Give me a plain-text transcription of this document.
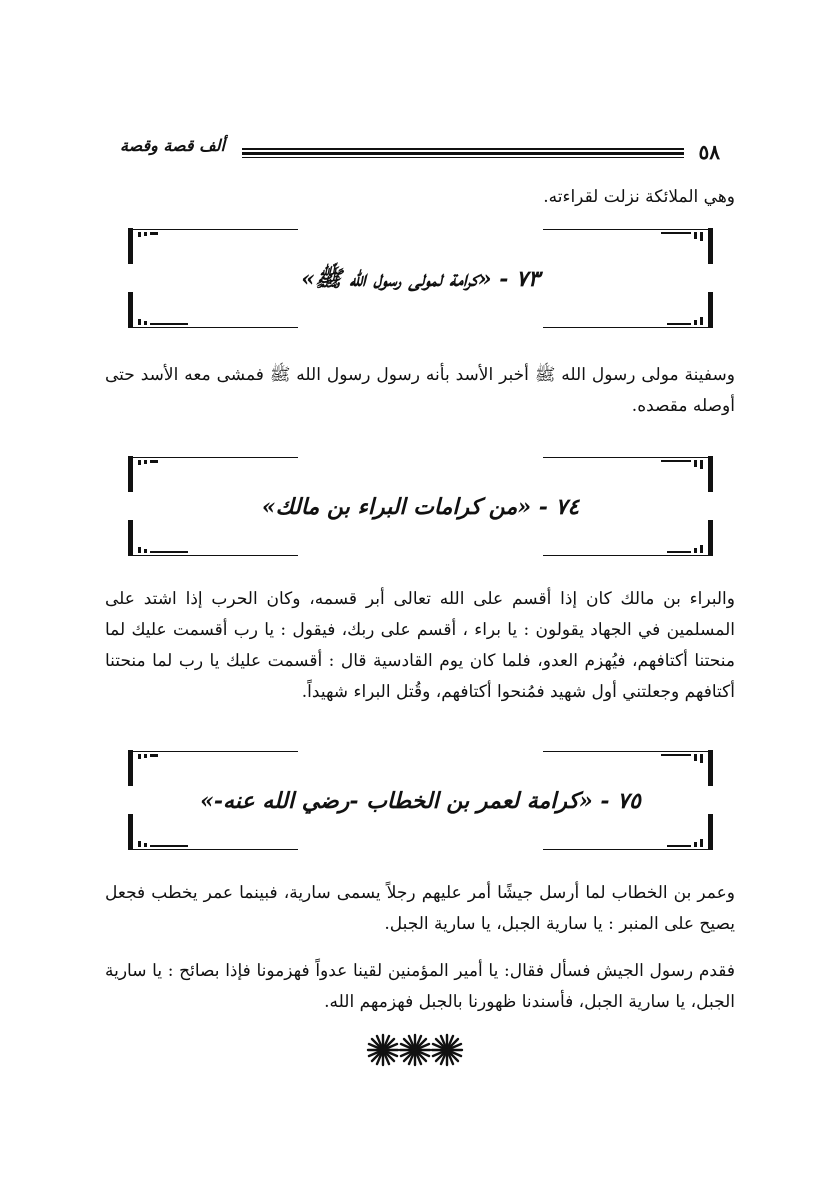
ألف قصة وقصة	٥٨
وهي الملائكة نزلت لقراءته.
٧٣ - «كرامة لمولى رسول الله ﷺ»
وسفينة مولى رسول الله ﷺ أخبر الأسد بأنه رسول رسول الله ﷺ فمشى معه الأسد حتى أوصله مقصده.
٧٤ - «من كرامات البراء بن مالك»
والبراء بن مالك كان إذا أقسم على الله تعالى أبر قسمه، وكان الحرب إذا اشتد على المسلمين في الجهاد يقولون : يا براء ، أقسم على ربك، فيقول : يا رب أقسمت عليك لما منحتنا أكتافهم، فيُهزم العدو، فلما كان يوم القادسية قال : أقسمت عليك يا رب لما منحتنا أكتافهم وجعلتني أول شهيد فمُنحوا أكتافهم، وقُتل البراء شهيداً.
٧٥ - «كرامة لعمر بن الخطاب -رضي الله عنه-»
وعمر بن الخطاب لما أرسل جيشًا أمر عليهم رجلاً يسمى سارية، فبينما عمر يخطب فجعل يصيح على المنبر : يا سارية الجبل، يا سارية الجبل.
فقدم رسول الجيش فسأل فقال: يا أمير المؤمنين لقينا عدواً فهزمونا فإذا بصائح : يا سارية الجبل، يا سارية الجبل، فأسندنا ظهورنا بالجبل فهزمهم الله.
